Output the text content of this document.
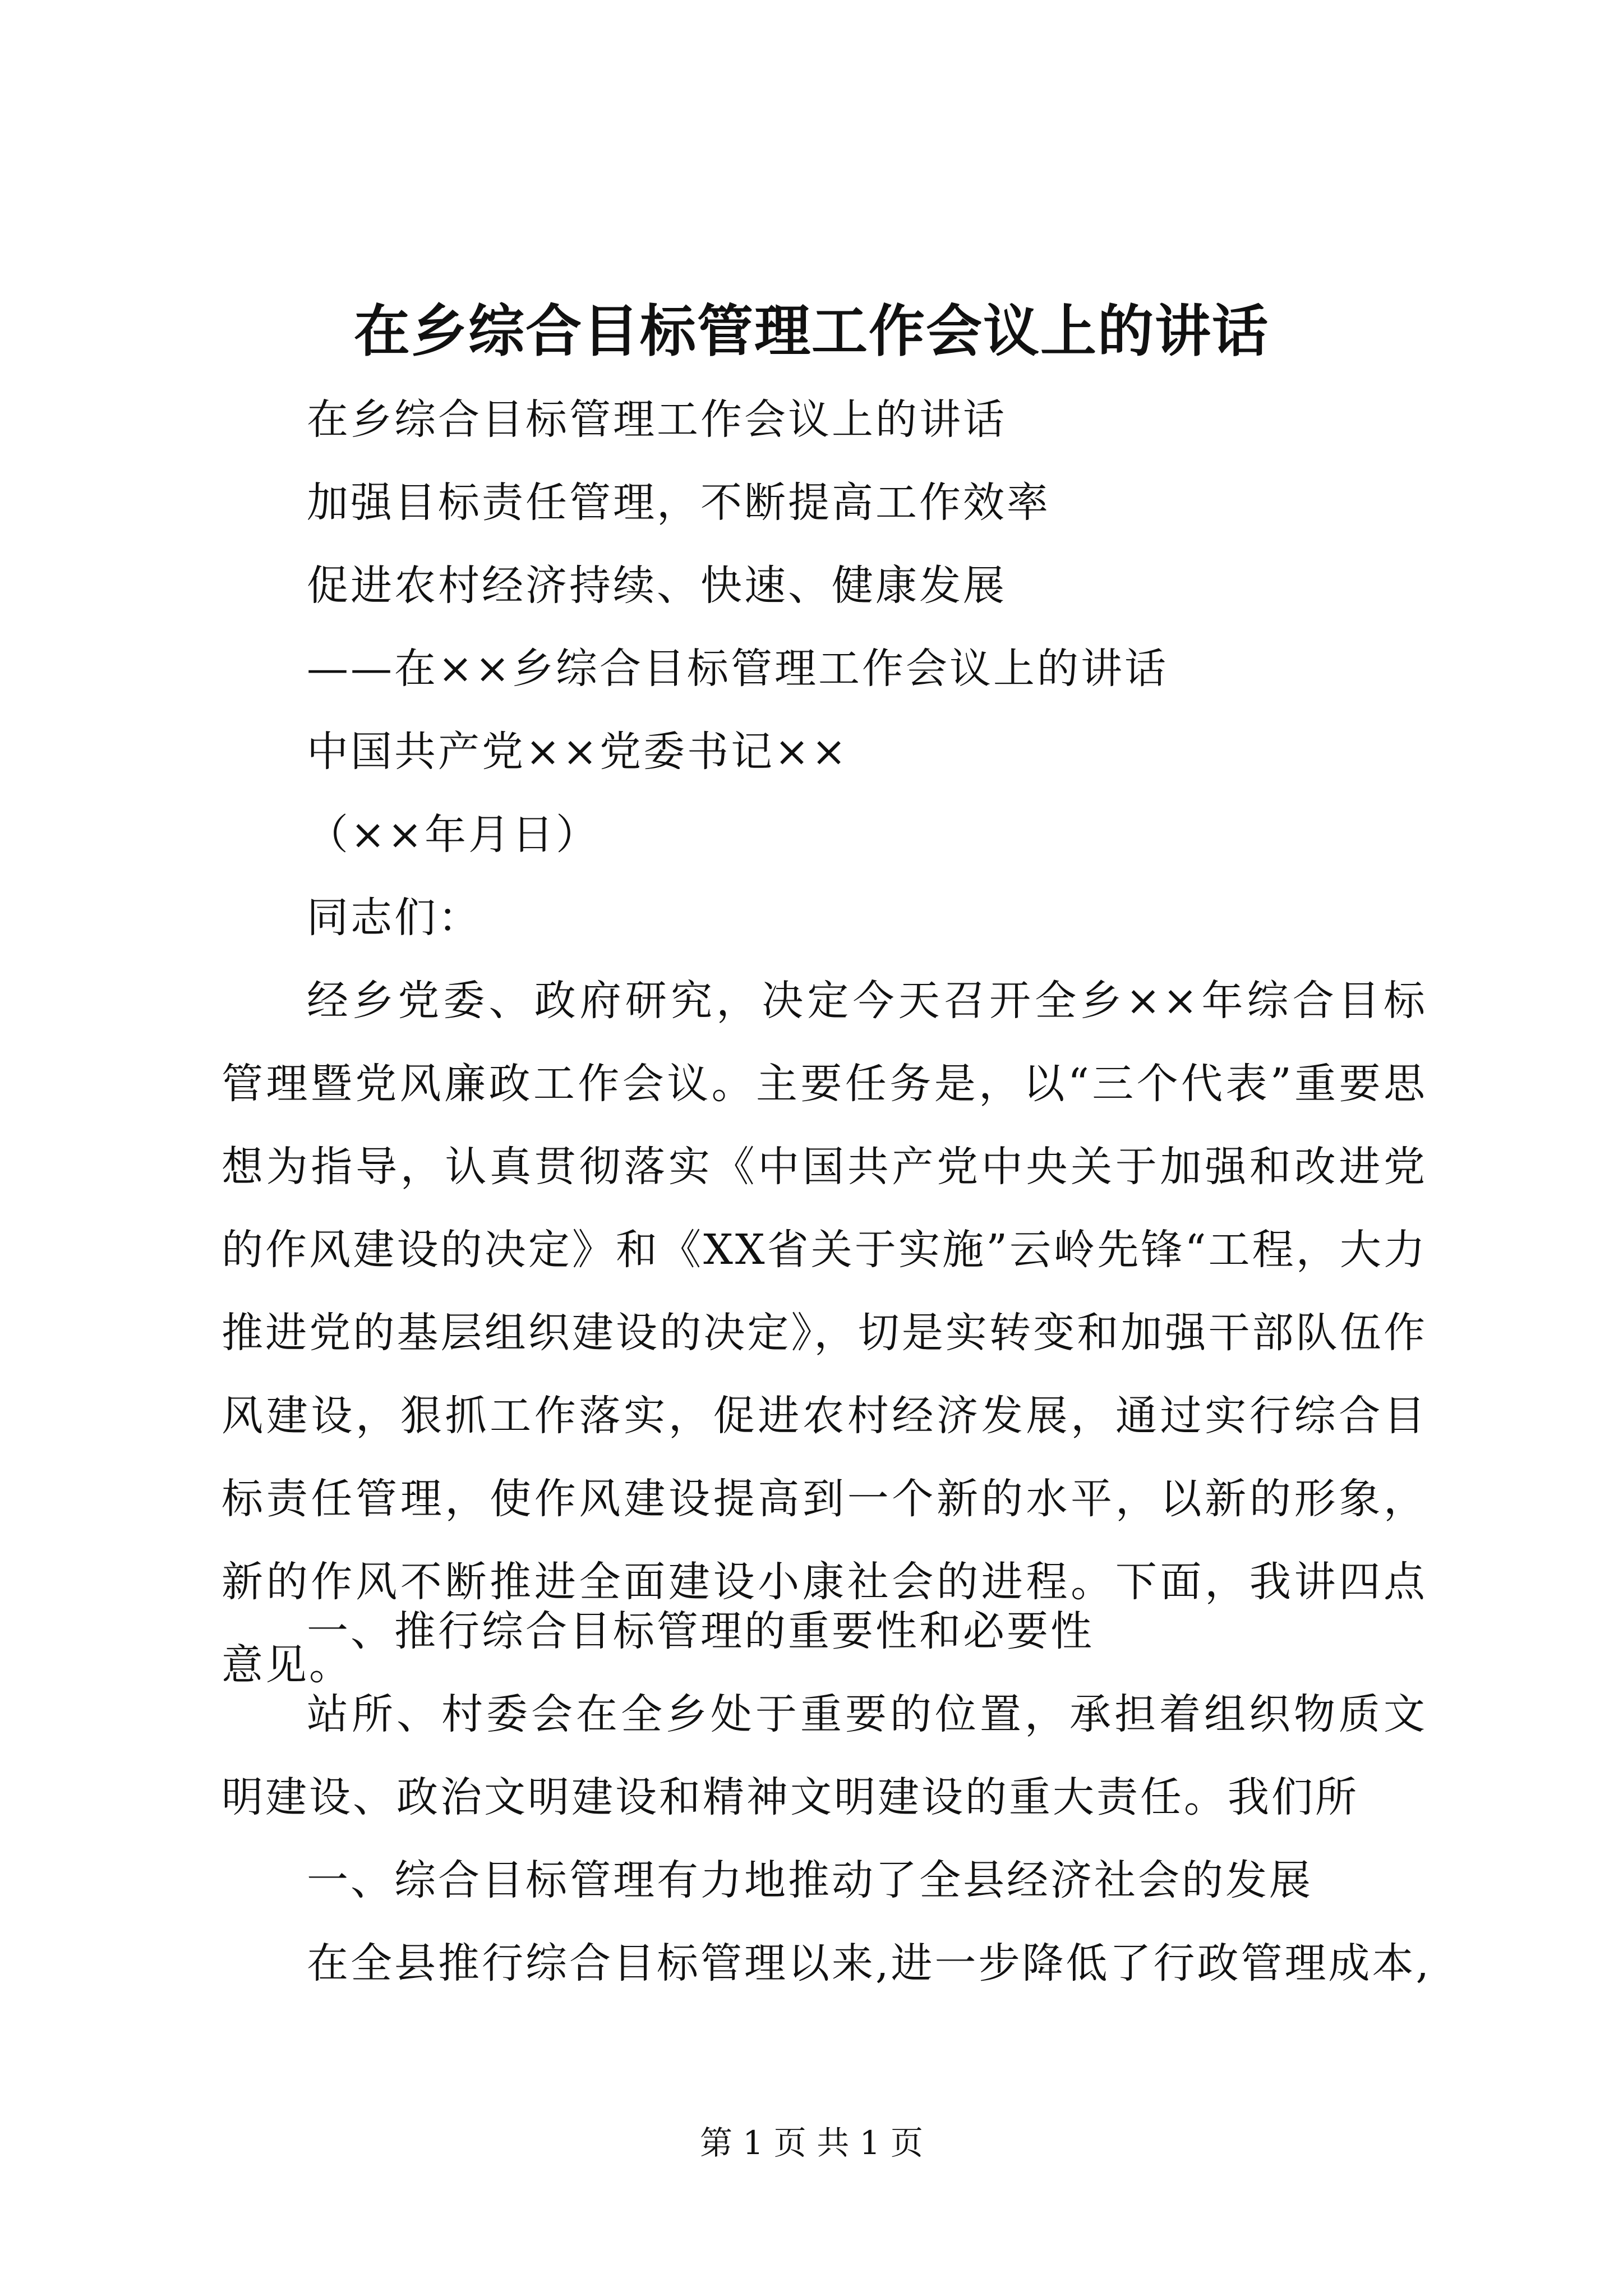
在乡综合目标管理工作会议上的讲话
在乡综合目标管理工作会议上的讲话
加强目标责任管理，不断提高工作效率
促进农村经济持续、快速、健康发展
——在××乡综合目标管理工作会议上的讲话
中国共产党××党委书记××
（××年月日）
同志们：
经乡党委、政府研究，决定今天召开全乡××年综合目标管理暨党风廉政工作会议。主要任务是，以“三个代表”重要思想为指导，认真贯彻落实《中国共产党中央关于加强和改进党的作风建设的决定》和《XX省关于实施”云岭先锋“工程，大力推进党的基层组织建设的决定》，切是实转变和加强干部队伍作风建设，狠抓工作落实，促进农村经济发展，通过实行综合目标责任管理，使作风建设提高到一个新的水平，以新的形象，新的作风不断推进全面建设小康社会的进程。下面，我讲四点意见。
一、推行综合目标管理的重要性和必要性
站所、村委会在全乡处于重要的位置，承担着组织物质文明建设、政治文明建设和精神文明建设的重大责任。我们所
一、综合目标管理有力地推动了全县经济社会的发展
在全县推行综合目标管理以来,进一步降低了行政管理成本,
第 1 页 共 1 页
